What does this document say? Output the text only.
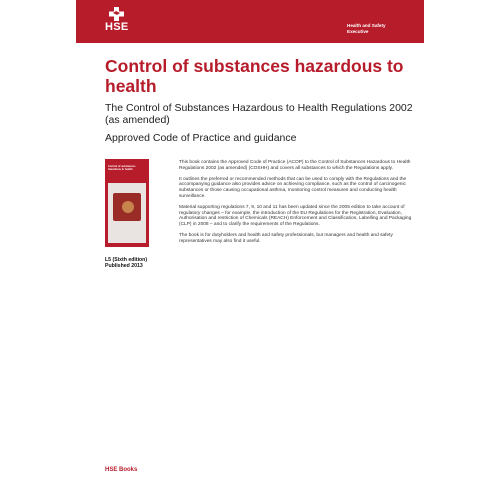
HSE	Health and Safety
Executive
Control of substances hazardous to health

The Control of Substances Hazardous to Health Regulations 2002 (as amended)

Approved Code of Practice and guidance

Control of substances hazardous to health
L5 (Sixth edition)
Published 2013

This book contains the Approved Code of Practice (ACOP) to the Control of Substances Hazardous to Health Regulations 2002 (as amended) (COSHH) and covers all substances to which the Regulations apply.

It outlines the preferred or recommended methods that can be used to comply with the Regulations and the accompanying guidance also provides advice on achieving compliance, such as the control of carcinogenic substances or those causing occupational asthma, monitoring control measures and conducting health surveillance.

Material supporting regulations 7, 9, 10 and 11 has been updated since the 2005 edition to take account of regulatory changes – for example, the introduction of the EU Regulations for the Registration, Evaluation, Authorisation and restriction of Chemicals (REACH) Enforcement and Classification, Labelling and Packaging (CLP) in 2008 – and to clarify the requirements of the Regulations.

The book is for dutyholders and health and safety professionals, but managers and health and safety representatives may also find it useful.

HSE Books
